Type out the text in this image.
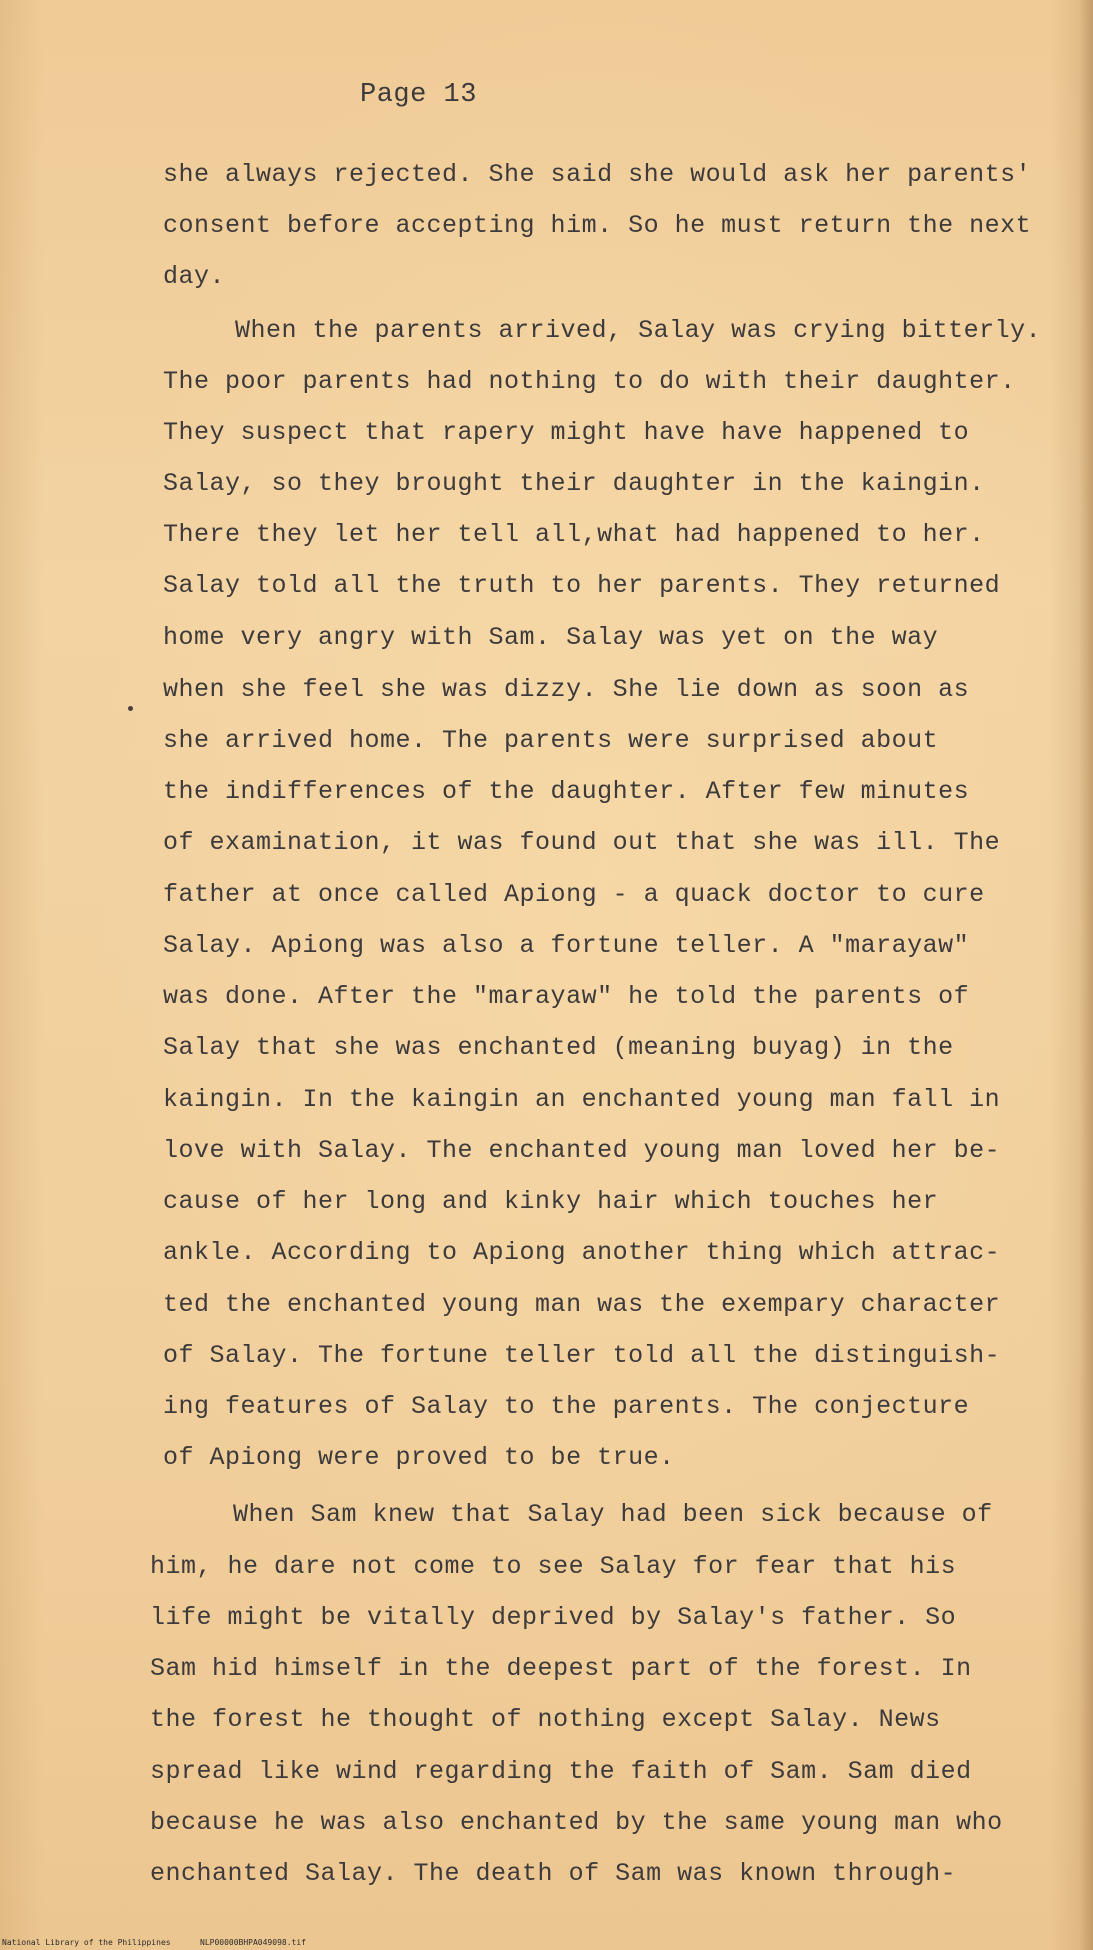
Page 13
she always rejected. She said she would ask her parents'
consent before accepting him. So he must return the next
day.
When the parents arrived, Salay was crying bitterly.
The poor parents had nothing to do with their daughter.
They suspect that rapery might have have happened to
Salay, so they brought their daughter in the kaingin.
There they let her tell all,what had happened to her.
Salay told all the truth to her parents. They returned
home very angry with Sam. Salay was yet on the way
when she feel she was dizzy. She lie down as soon as
she arrived home. The parents were surprised about
the indifferences of the daughter. After few minutes
of examination, it was found out that she was ill. The
father at once called Apiong - a quack doctor to cure
Salay. Apiong was also a fortune teller. A "marayaw"
was done. After the "marayaw" he told the parents of
Salay that she was enchanted (meaning buyag) in the
kaingin. In the kaingin an enchanted young man fall in
love with Salay. The enchanted young man loved her be-
cause of her long and kinky hair which touches her
ankle. According to Apiong another thing which attrac-
ted the enchanted young man was the exempary character
of Salay. The fortune teller told all the distinguish-
ing features of Salay to the parents. The conjecture
of Apiong were proved to be true.
When Sam knew that Salay had been sick because of
him, he dare not come to see Salay for fear that his
life might be vitally deprived by Salay's father. So
Sam hid himself in the deepest part of the forest. In
the forest he thought of nothing except Salay. News
spread like wind regarding the faith of Sam. Sam died
because he was also enchanted by the same young man who
enchanted Salay. The death of Sam was known through-
National Library of the Philippines	NLP00000BHPA049098.tif
